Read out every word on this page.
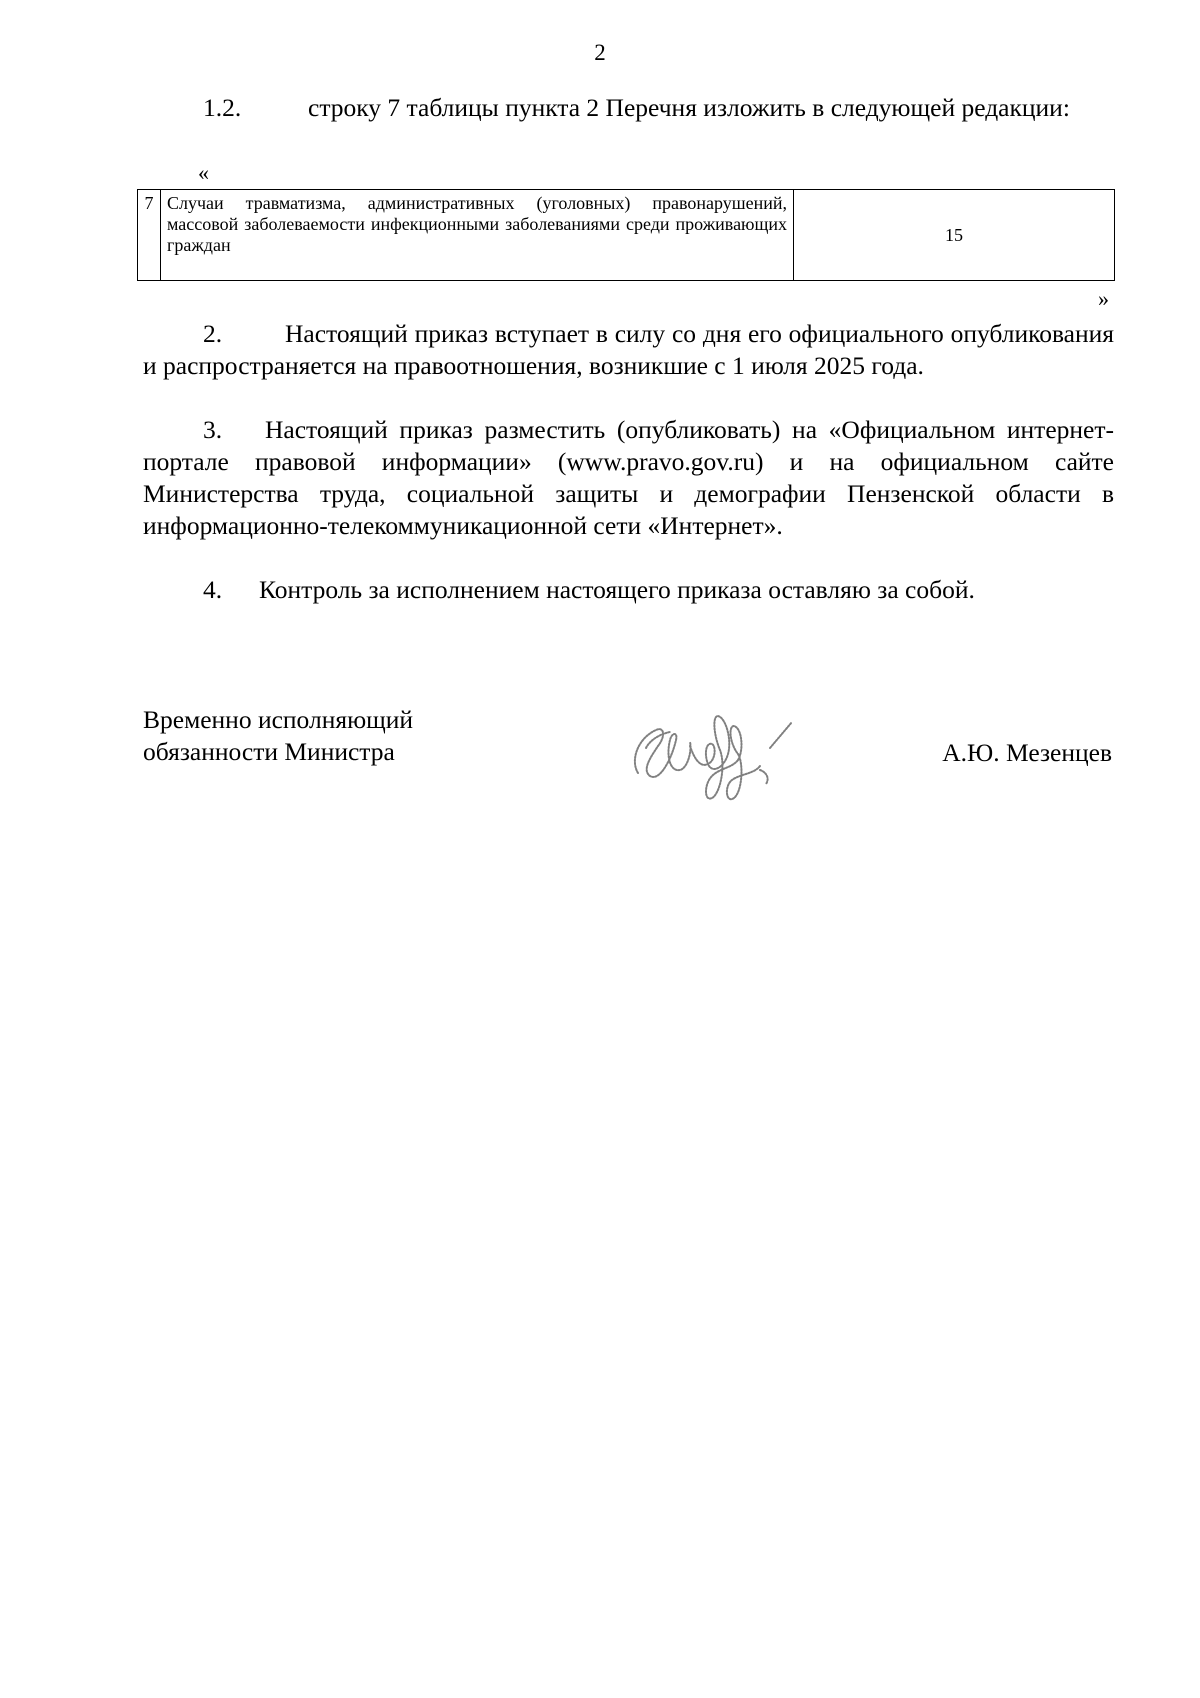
2

1.2.	строку 7 таблицы пункта 2 Перечня изложить в следующей редакции:

«
7	Случаи травматизма, административных (уголовных) правонарушений, массовой заболеваемости инфекционными заболеваниями среди проживающих граждан	15
»

2. Настоящий приказ вступает в силу со дня его официального опубликования и распространяется на правоотношения, возникшие с 1 июля 2025 года.

3. Настоящий приказ разместить (опубликовать) на «Официальном интернет-портале правовой информации» (www.pravo.gov.ru) и на официальном сайте Министерства труда, социальной защиты и демографии Пензенской области в информационно-телекоммуникационной сети «Интернет».

4. Контроль за исполнением настоящего приказа оставляю за собой.

Временно исполняющий
обязанности Министра	А.Ю. Мезенцев
